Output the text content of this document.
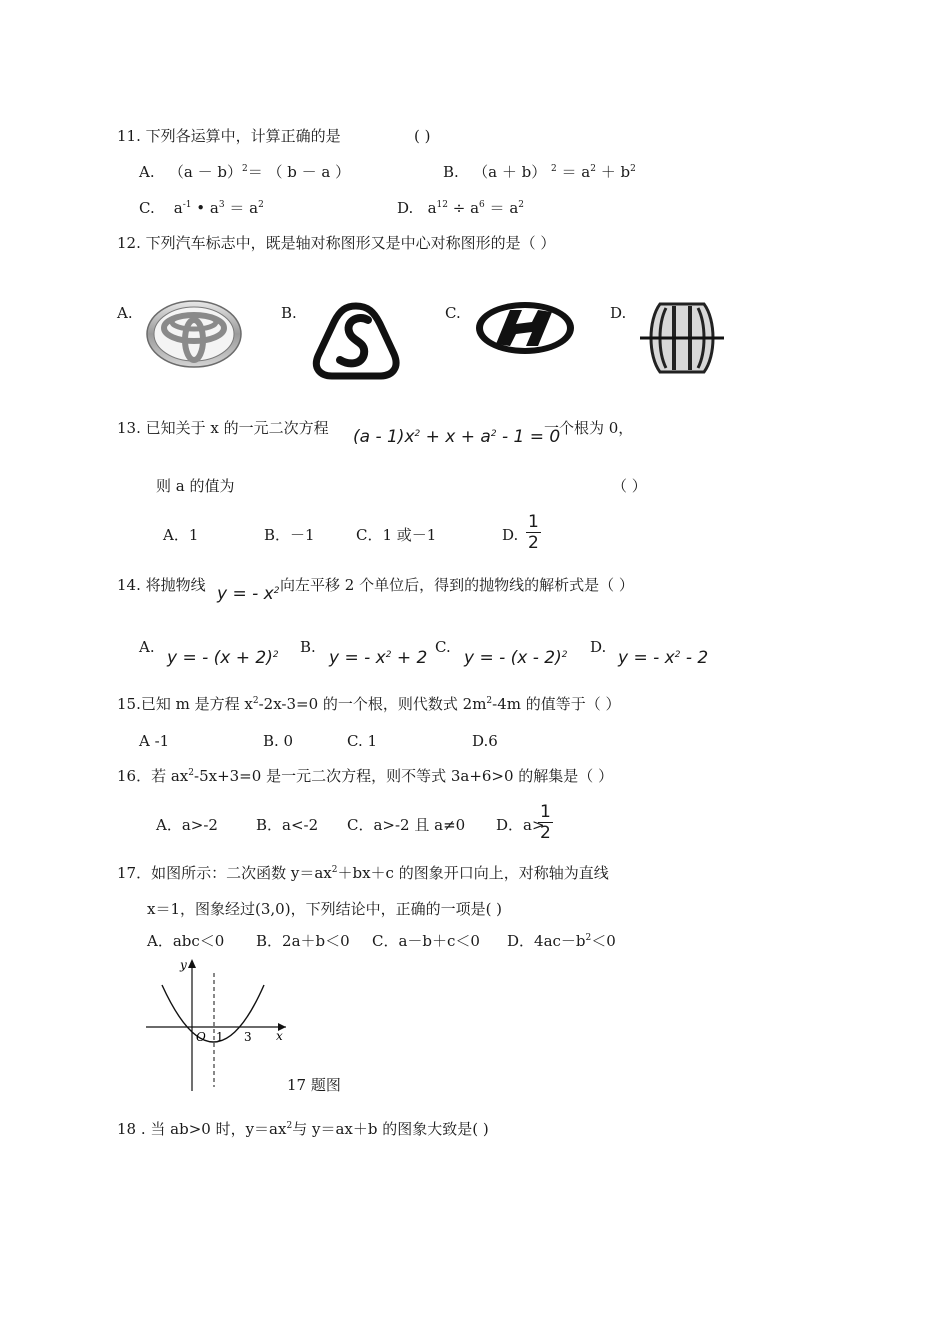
11. 下列各运算中，计算正确的是	( )
A. $(a - b)^2=$ （ b － a ）	B. （a ＋ b） $^2 = a^2 + b^2$
C. $a^{-1}$ • $a^3 = a^2$	D. $a^{12} \div a^6 = a^2$
12. 下列汽车标志中，既是轴对称图形又是中心对称图形的是（ ）
A.	B.	C.	D.
13. 已知关于 x 的一元二次方程 $(a - 1)x^2 + x + a^2 - 1 = 0$
一个根为 0，
则 a 的值为	（ ）
A．1	B．－1	C．1 或－1	D. $\frac{1}{2}$
14. 将抛物线 y = - $x^2$ 向左平移 2 个单位后，得到的抛物线的解析式是（ ）
A.
y = - $(x + 2)^2$ B.
y = - $x^2 + 2$
C.
y = - (x - 2)$^2$ D.
y = - $x^2 - 2$
15.已知 m 是方程 $x^2-2x-3=0$ 的一个根，则代数式 $2m^2-4m$ 的值等于（ ）
A -1	B. 0	C. 1	D.6
16．若 $ax^2-5x+3=0$ 是一元二次方程，则不等式 3a+6>0 的解集是（ ）
A．a>-2	B．a<-2 C．a>-2 且 a≠0 D．a>
$\frac{1}{2}$
17．如图所示：二次函数 $y=ax^2+bx+c$ 的图象开口向上，对称轴为直线
x＝1，图象经过(3,0)，下列结论中，正确的一项是( )
A．abc＜0 B．2a＋b＜0 C．a－b＋c＜0 D．$4ac-b^2<0$
y
x
O 1 3
17 题图
18 . 当 ab>0 时，$y=ax^2$与 y＝ax＋b 的图象大致是( )
